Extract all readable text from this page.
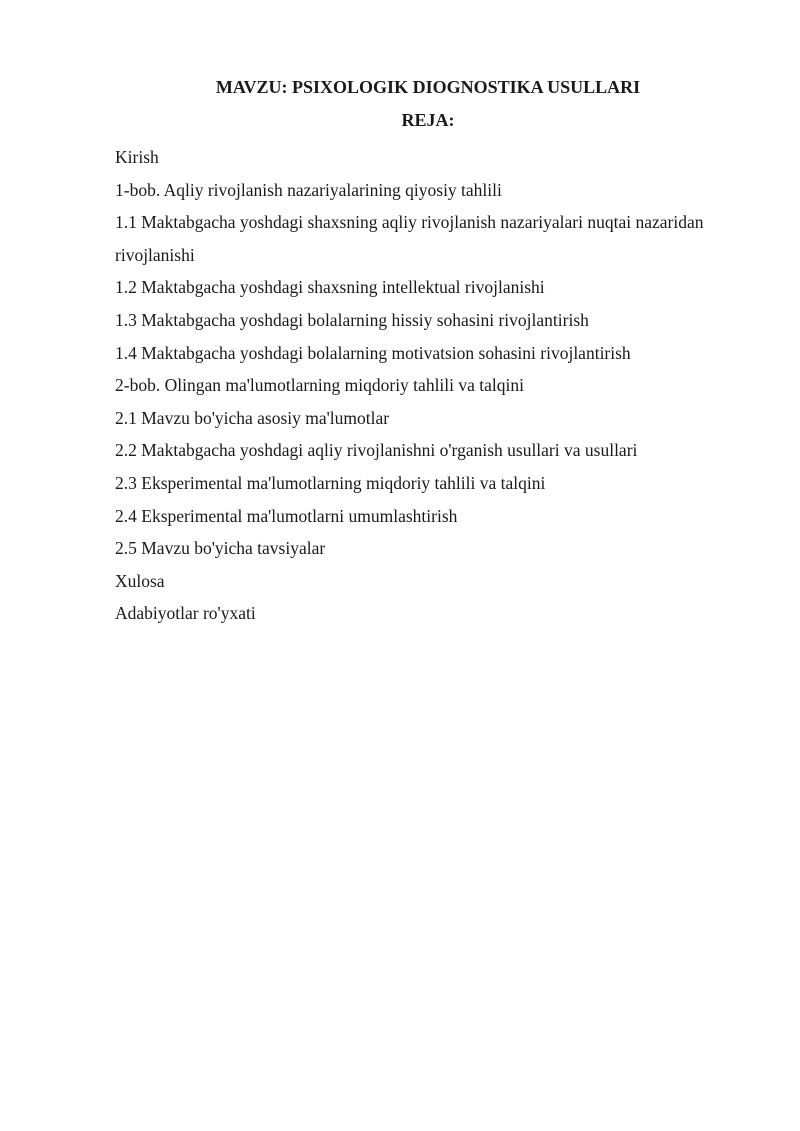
MAVZU: PSIXOLOGIK DIOGNOSTIKA USULLARI
REJA:
Kirish
1-bob. Aqliy rivojlanish nazariyalarining qiyosiy tahlili
1.1 Maktabgacha yoshdagi shaxsning aqliy rivojlanish nazariyalari nuqtai nazaridan rivojlanishi
1.2 Maktabgacha yoshdagi shaxsning intellektual rivojlanishi
1.3 Maktabgacha yoshdagi bolalarning hissiy sohasini rivojlantirish
1.4 Maktabgacha yoshdagi bolalarning motivatsion sohasini rivojlantirish
2-bob. Olingan ma'lumotlarning miqdoriy tahlili va talqini
2.1 Mavzu bo'yicha asosiy ma'lumotlar
2.2 Maktabgacha yoshdagi aqliy rivojlanishni o'rganish usullari va usullari
2.3 Eksperimental ma'lumotlarning miqdoriy tahlili va talqini
2.4 Eksperimental ma'lumotlarni umumlashtirish
2.5 Mavzu bo'yicha tavsiyalar
Xulosa
Adabiyotlar ro'yxati
